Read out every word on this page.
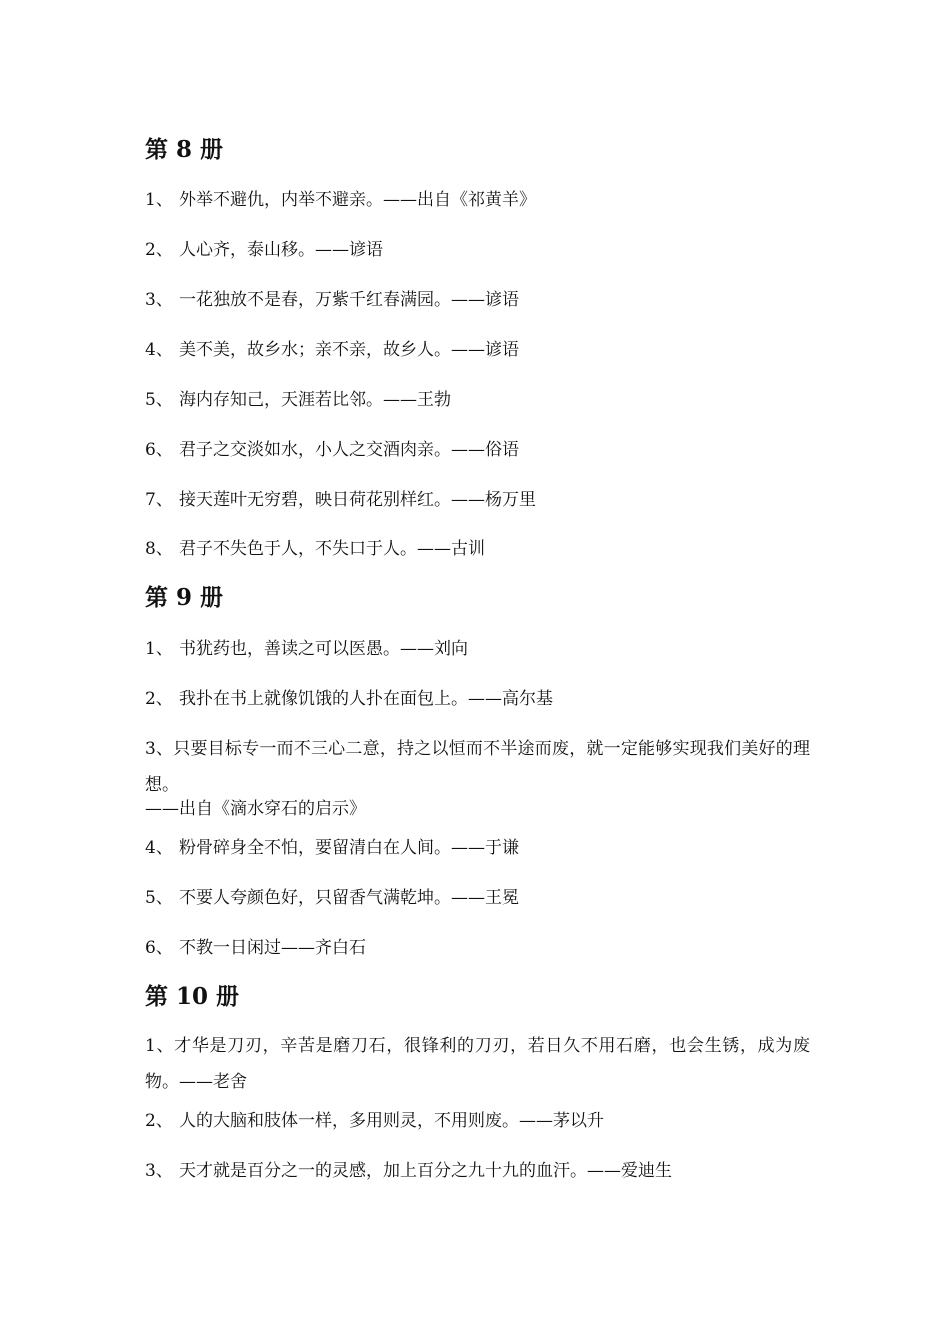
第 8 册
1、 外举不避仇，内举不避亲。——出自《祁黄羊》
2、 人心齐，泰山移。——谚语
3、 一花独放不是春，万紫千红春满园。——谚语
4、 美不美，故乡水；亲不亲，故乡人。——谚语
5、 海内存知己，天涯若比邻。——王勃
6、 君子之交淡如水，小人之交酒肉亲。——俗语
7、 接天莲叶无穷碧，映日荷花别样红。——杨万里
8、 君子不失色于人，不失口于人。——古训
第 9 册
1、 书犹药也，善读之可以医愚。——刘向
2、 我扑在书上就像饥饿的人扑在面包上。——高尔基
3、只要目标专一而不三心二意，持之以恒而不半途而废，就一定能够实现我们美好的理想。
——出自《滴水穿石的启示》
4、 粉骨碎身全不怕，要留清白在人间。——于谦
5、 不要人夸颜色好，只留香气满乾坤。——王冕
6、 不教一日闲过——齐白石
第 10 册
1、才华是刀刃，辛苦是磨刀石，很锋利的刀刃，若日久不用石磨，也会生锈，成为废物。——老舍
2、 人的大脑和肢体一样，多用则灵，不用则废。——茅以升
3、 天才就是百分之一的灵感，加上百分之九十九的血汗。——爱迪生
